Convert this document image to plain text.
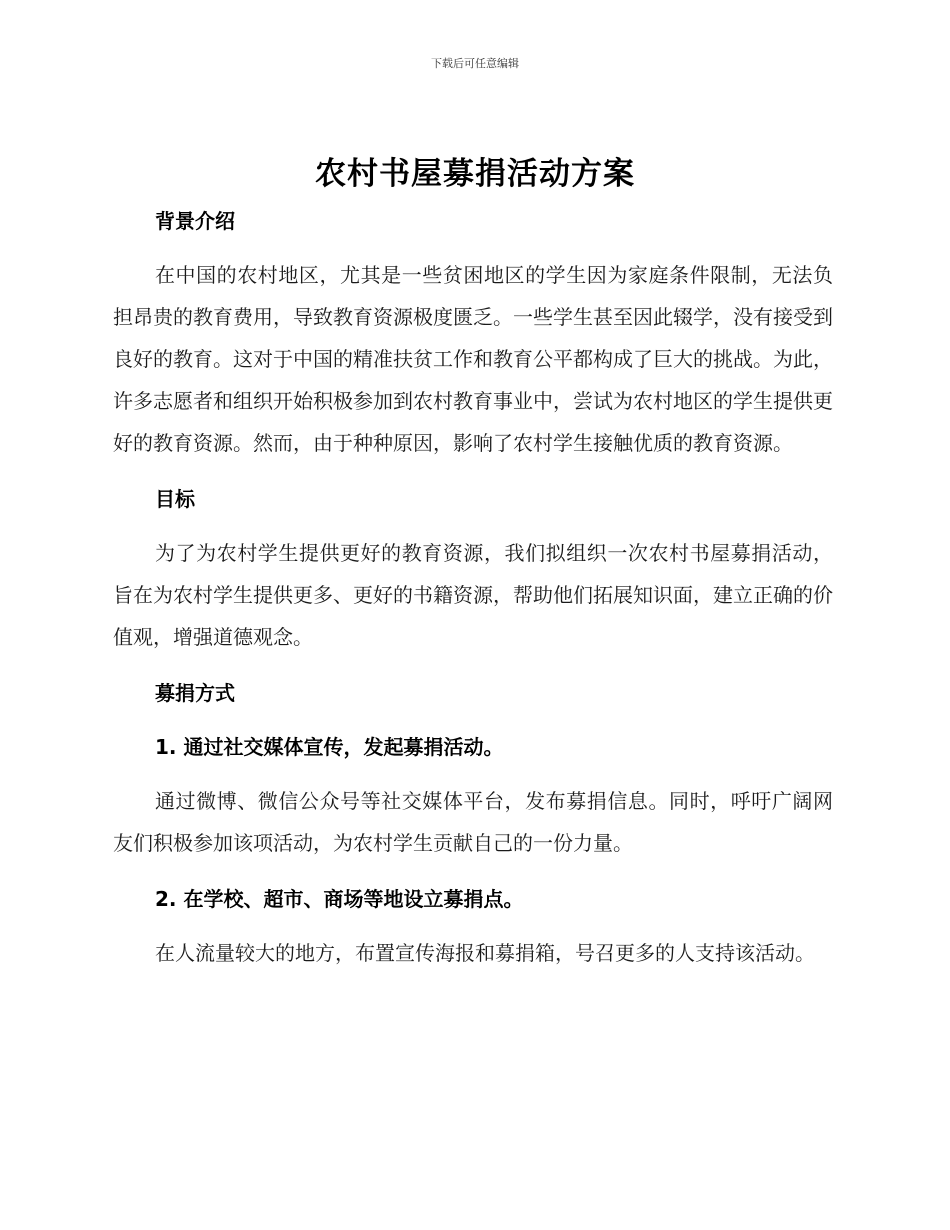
下载后可任意编辑
农村书屋募捐活动方案

背景介绍

在中国的农村地区，尤其是一些贫困地区的学生因为家庭条件限制，无法负担昂贵的教育费用，导致教育资源极度匮乏。一些学生甚至因此辍学，没有接受到良好的教育。这对于中国的精准扶贫工作和教育公平都构成了巨大的挑战。为此，许多志愿者和组织开始积极参加到农村教育事业中，尝试为农村地区的学生提供更好的教育资源。然而，由于种种原因，影响了农村学生接触优质的教育资源。

目标

为了为农村学生提供更好的教育资源，我们拟组织一次农村书屋募捐活动，旨在为农村学生提供更多、更好的书籍资源，帮助他们拓展知识面，建立正确的价值观，增强道德观念。

募捐方式

1. 通过社交媒体宣传，发起募捐活动。

通过微博、微信公众号等社交媒体平台，发布募捐信息。同时，呼吁广阔网友们积极参加该项活动，为农村学生贡献自己的一份力量。

2. 在学校、超市、商场等地设立募捐点。

在人流量较大的地方，布置宣传海报和募捐箱，号召更多的人支持该活动。
